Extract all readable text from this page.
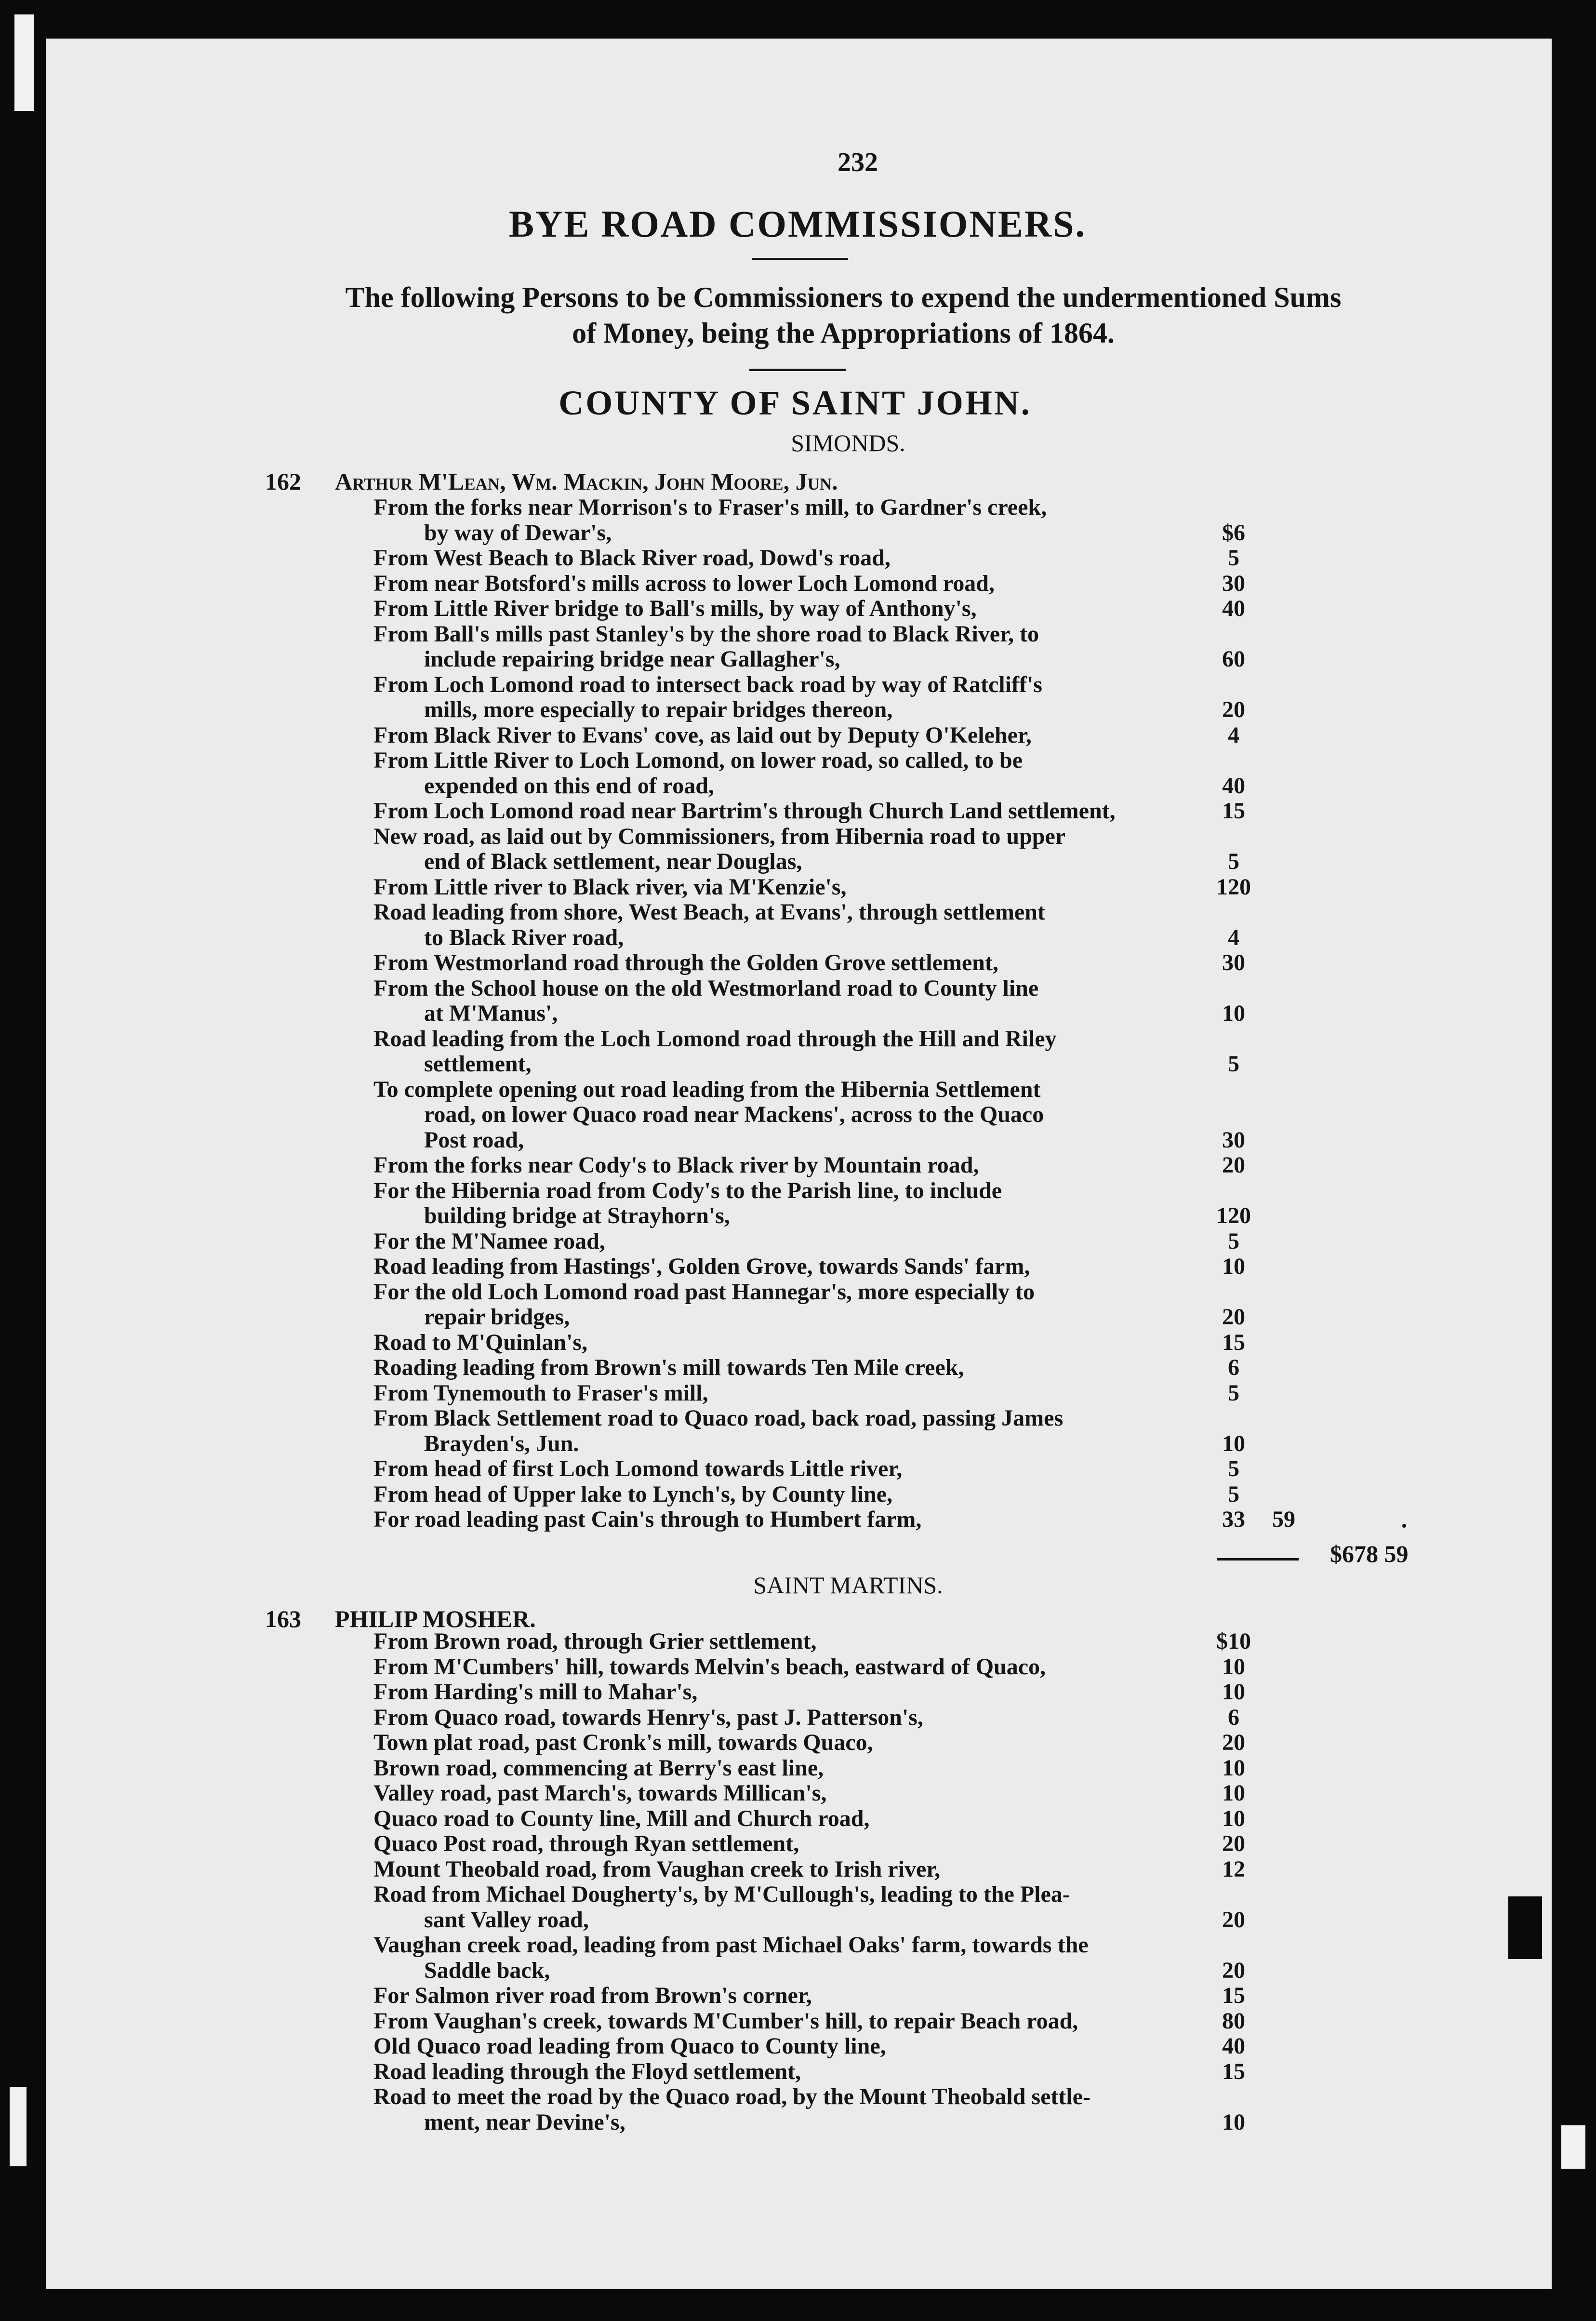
232
BYE ROAD COMMISSIONERS.
The following Persons to be Commissioners to expend the undermentioned Sums
of Money, being the Appropriations of 1864.
COUNTY OF SAINT JOHN.
SIMONDS.
162 Arthur M'Lean, Wm. Mackin, John Moore, Jun.
From the forks near Morrison's to Fraser's mill, to Gardner's creek,
by way of Dewar's,	$6
From West Beach to Black River road, Dowd's road,	5
From near Botsford's mills across to lower Loch Lomond road,	30
From Little River bridge to Ball's mills, by way of Anthony's,	40
From Ball's mills past Stanley's by the shore road to Black River, to
include repairing bridge near Gallagher's,	60
From Loch Lomond road to intersect back road by way of Ratcliff's
mills, more especially to repair bridges thereon,	20
From Black River to Evans' cove, as laid out by Deputy O'Keleher,	4
From Little River to Loch Lomond, on lower road, so called, to be
expended on this end of road,	40
From Loch Lomond road near Bartrim's through Church Land settlement,	15
New road, as laid out by Commissioners, from Hibernia road to upper
end of Black settlement, near Douglas,	5
From Little river to Black river, via M'Kenzie's,	120
Road leading from shore, West Beach, at Evans', through settlement
to Black River road,	4
From Westmorland road through the Golden Grove settlement,	30
From the School house on the old Westmorland road to County line
at M'Manus',	10
Road leading from the Loch Lomond road through the Hill and Riley
settlement,	5
To complete opening out road leading from the Hibernia Settlement
road, on lower Quaco road near Mackens', across to the Quaco
Post road,	30
From the forks near Cody's to Black river by Mountain road,	20
For the Hibernia road from Cody's to the Parish line, to include
building bridge at Strayhorn's,	120
For the M'Namee road,	5
Road leading from Hastings', Golden Grove, towards Sands' farm,	10
For the old Loch Lomond road past Hannegar's, more especially to
repair bridges,	20
Road to M'Quinlan's,	15
Roading leading from Brown's mill towards Ten Mile creek,	6
From Tynemouth to Fraser's mill,	5
From Black Settlement road to Quaco road, back road, passing James
Brayden's, Jun.	10
From head of first Loch Lomond towards Little river,	5
From head of Upper lake to Lynch's, by County line,	5
For road leading past Cain's through to Humbert farm,	33	59
$678 59
SAINT MARTINS.
163 PHILIP MOSHER.
From Brown road, through Grier settlement,	$10
From M'Cumbers' hill, towards Melvin's beach, eastward of Quaco,	10
From Harding's mill to Mahar's,	10
From Quaco road, towards Henry's, past J. Patterson's,	6
Town plat road, past Cronk's mill, towards Quaco,	20
Brown road, commencing at Berry's east line,	10
Valley road, past March's, towards Millican's,	10
Quaco road to County line, Mill and Church road,	10
Quaco Post road, through Ryan settlement,	20
Mount Theobald road, from Vaughan creek to Irish river,	12
Road from Michael Dougherty's, by M'Cullough's, leading to the Plea-
sant Valley road,	20
Vaughan creek road, leading from past Michael Oaks' farm, towards the
Saddle back,	20
For Salmon river road from Brown's corner,	15
From Vaughan's creek, towards M'Cumber's hill, to repair Beach road,	80
Old Quaco road leading from Quaco to County line,	40
Road leading through the Floyd settlement,	15
Road to meet the road by the Quaco road, by the Mount Theobald settle-
ment, near Devine's,	10
